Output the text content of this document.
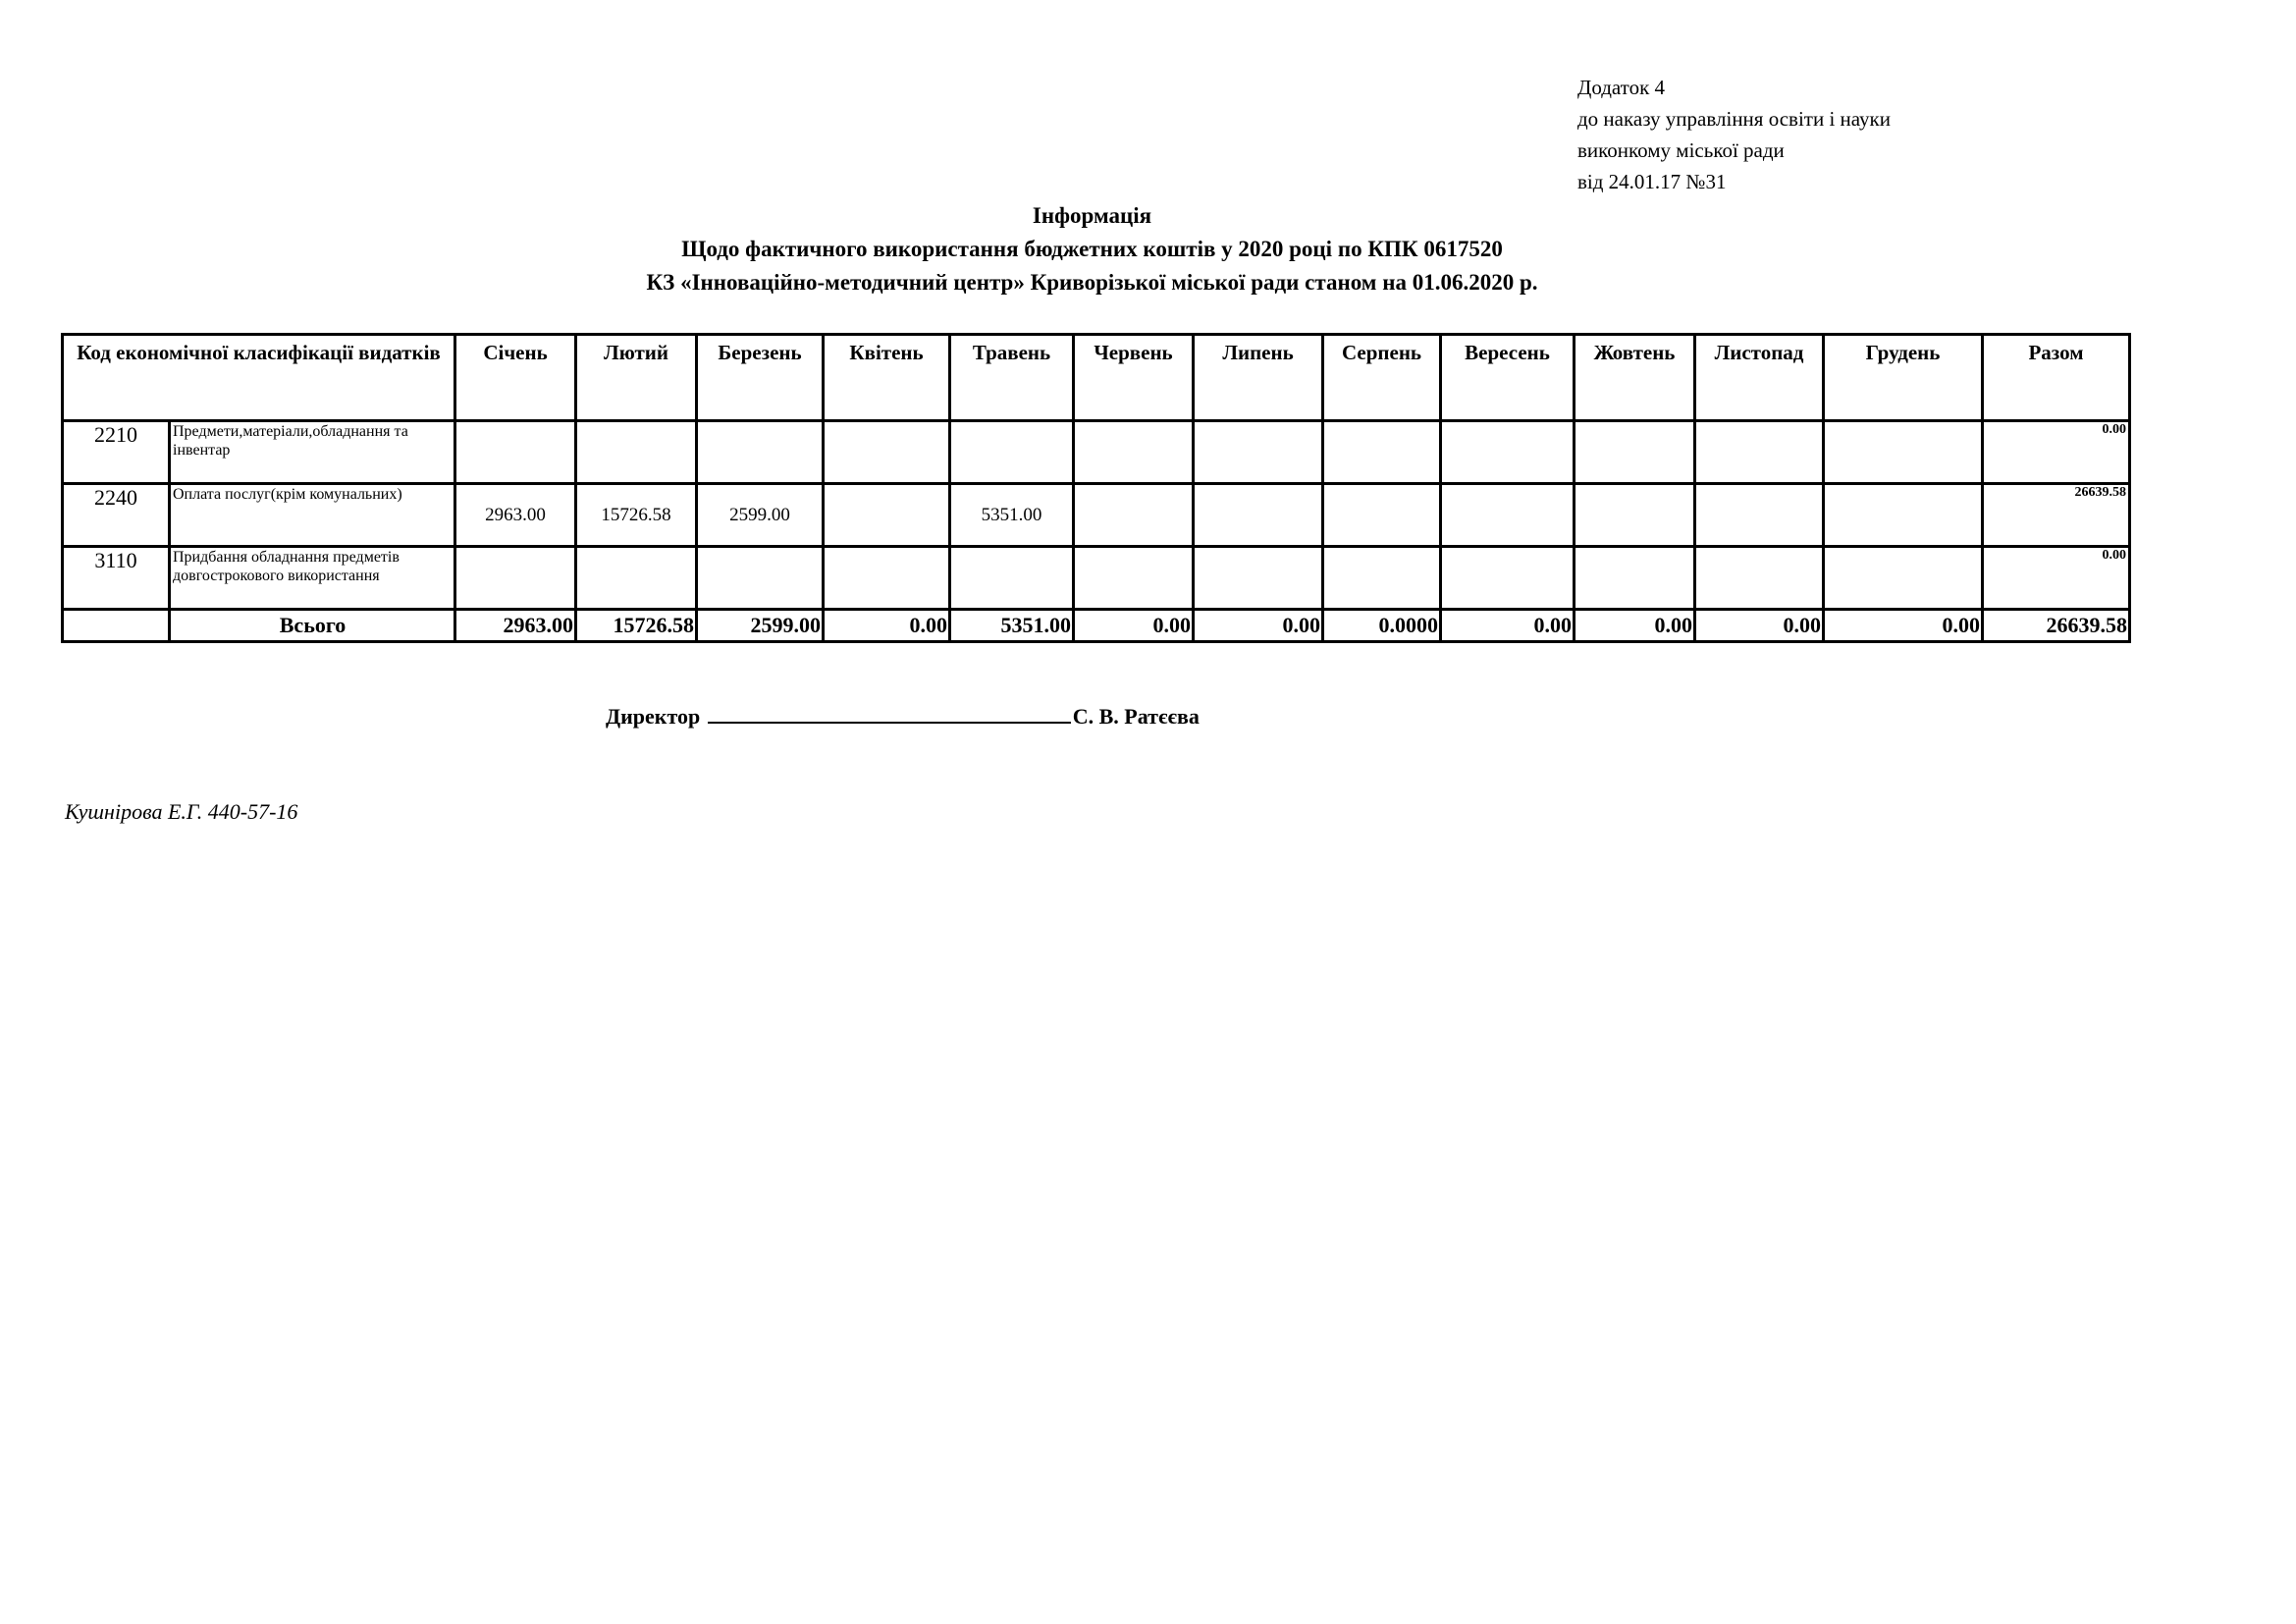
Додаток 4
до наказу управління освіти і науки
виконкому міської ради
від 24.01.17 №31
Інформація
Щодо фактичного використання бюджетних коштів у 2020 році по КПК 0617520
КЗ «Інноваційно-методичний центр» Криворізької міської ради станом на 01.06.2020 р.
Код економічної класифікації видатків		Січень	Лютий	Березень	Квітень	Травень	Червень	Липень	Серпень	Вересень	Жовтень	Листопад	Грудень	Разом
2210	Предмети,матеріали,обладнання та інвентар													0.00
2240	Оплата послуг(крім комунальних)	2963.00	15726.58	2599.00		5351.00								26639.58
3110	Придбання обладнання предметів довгострокового використання													0.00
	Всього	2963.00	15726.58	2599.00	0.00	5351.00	0.00	0.00	0.0000	0.00	0.00	0.00	0.00	26639.58
Директор	С. В. Ратєєва
Кушнірова Е.Г. 440-57-16
